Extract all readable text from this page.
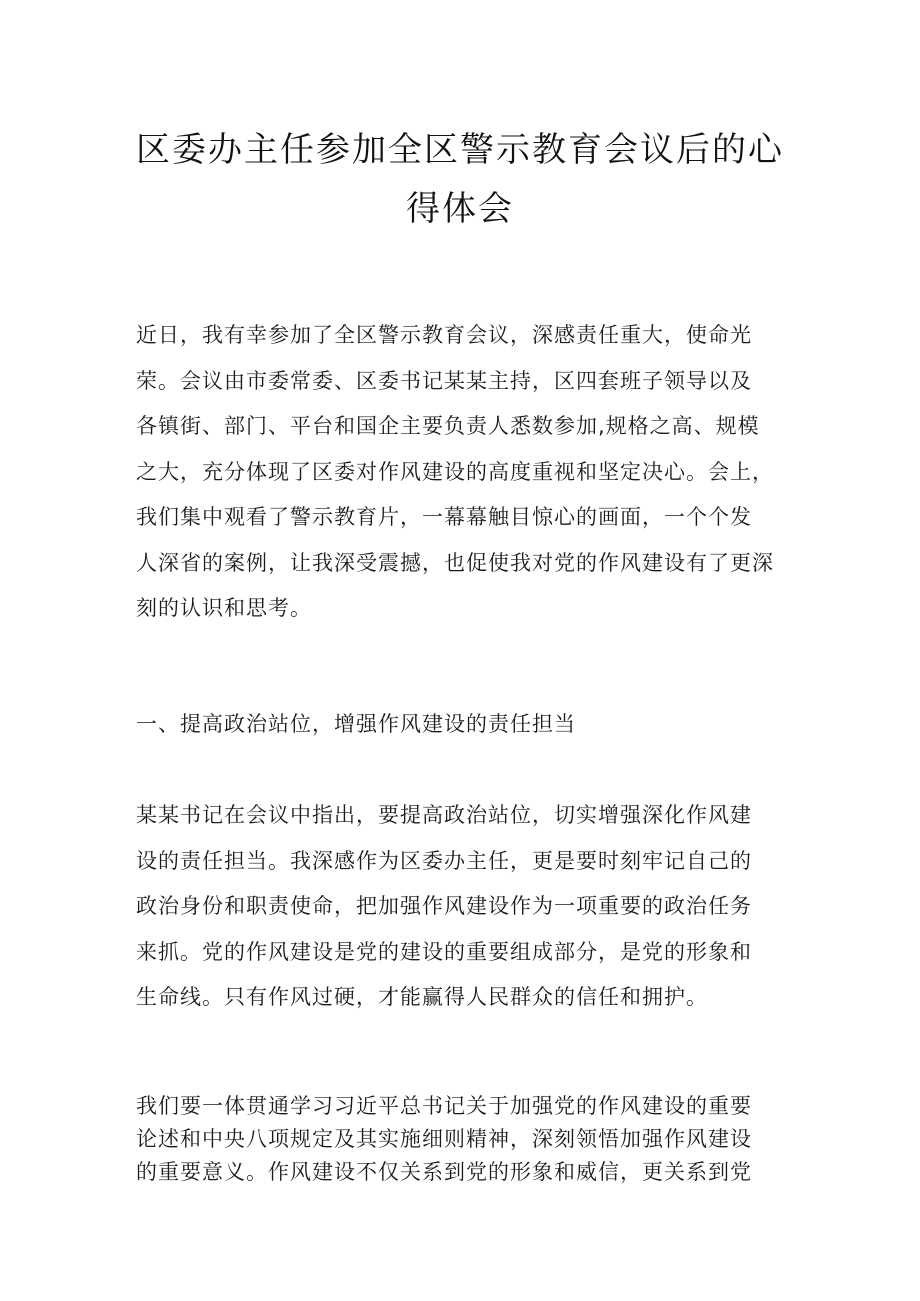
区委办主任参加全区警示教育会议后的心
得体会
近日，我有幸参加了全区警示教育会议，深感责任重大，使命光
荣。会议由市委常委、区委书记某某主持，区四套班子领导以及
各镇街、部门、平台和国企主要负责人悉数参加,规格之高、规模
之大，充分体现了区委对作风建设的高度重视和坚定决心。会上，
我们集中观看了警示教育片，一幕幕触目惊心的画面，一个个发
人深省的案例，让我深受震撼，也促使我对党的作风建设有了更深
刻的认识和思考。
一、提高政治站位，增强作风建设的责任担当
某某书记在会议中指出，要提高政治站位，切实增强深化作风建
设的责任担当。我深感作为区委办主任，更是要时刻牢记自己的
政治身份和职责使命，把加强作风建设作为一项重要的政治任务
来抓。党的作风建设是党的建设的重要组成部分，是党的形象和
生命线。只有作风过硬，才能赢得人民群众的信任和拥护。
我们要一体贯通学习习近平总书记关于加强党的作风建设的重要
论述和中央八项规定及其实施细则精神，深刻领悟加强作风建设
的重要意义。作风建设不仅关系到党的形象和威信，更关系到党
